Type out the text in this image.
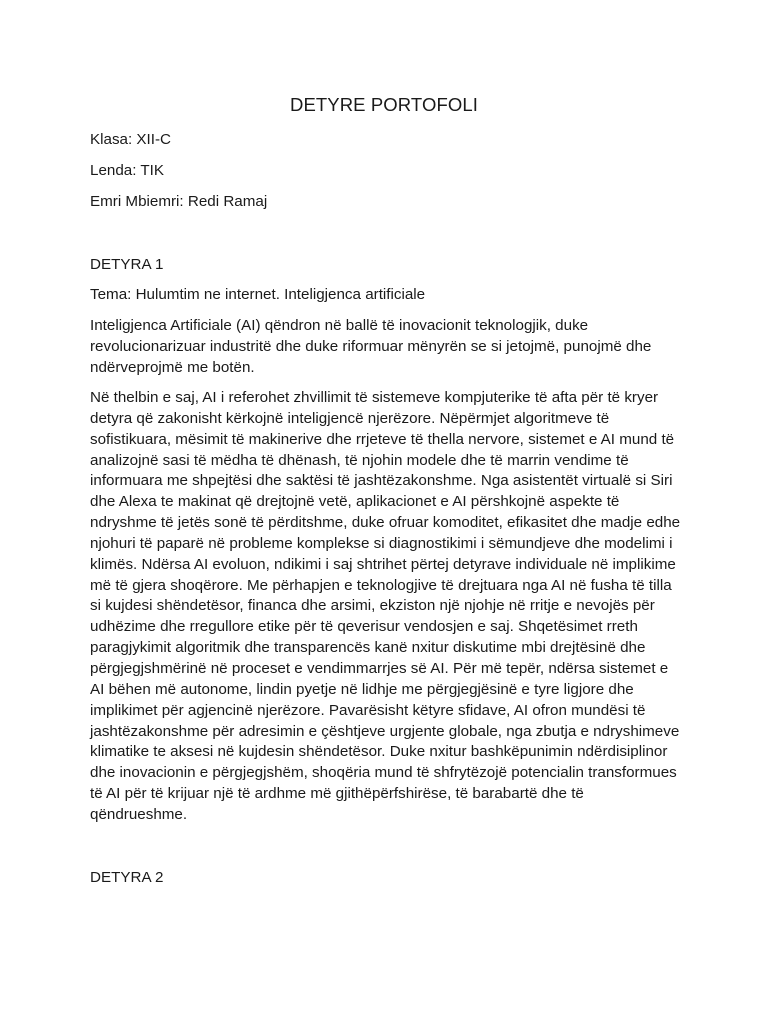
DETYRE PORTOFOLI
Klasa: XII-C
Lenda: TIK
Emri Mbiemri: Redi Ramaj
DETYRA 1
Tema: Hulumtim ne internet. Inteligjenca artificiale
Inteligjenca Artificiale (AI) qëndron në ballë të inovacionit teknologjik, duke
revolucionarizuar industritë dhe duke riformuar mënyrën se si jetojmë, punojmë dhe
ndërveprojmë me botën.
Në thelbin e saj, AI i referohet zhvillimit të sistemeve kompjuterike të afta për të kryer
detyra që zakonisht kërkojnë inteligjencë njerëzore. Nëpërmjet algoritmeve të
sofistikuara, mësimit të makinerive dhe rrjeteve të thella nervore, sistemet e AI mund të
analizojnë sasi të mëdha të dhënash, të njohin modele dhe të marrin vendime të
informuara me shpejtësi dhe saktësi të jashtëzakonshme. Nga asistentët virtualë si Siri
dhe Alexa te makinat që drejtojnë vetë, aplikacionet e AI përshkojnë aspekte të
ndryshme të jetës sonë të përditshme, duke ofruar komoditet, efikasitet dhe madje edhe
njohuri të paparë në probleme komplekse si diagnostikimi i sëmundjeve dhe modelimi i
klimës. Ndërsa AI evoluon, ndikimi i saj shtrihet përtej detyrave individuale në implikime
më të gjera shoqërore. Me përhapjen e teknologjive të drejtuara nga AI në fusha të tilla
si kujdesi shëndetësor, financa dhe arsimi, ekziston një njohje në rritje e nevojës për
udhëzime dhe rregullore etike për të qeverisur vendosjen e saj. Shqetësimet rreth
paragjykimit algoritmik dhe transparencës kanë nxitur diskutime mbi drejtësinë dhe
përgjegjshmërinë në proceset e vendimmarrjes së AI. Për më tepër, ndërsa sistemet e
AI bëhen më autonome, lindin pyetje në lidhje me përgjegjësinë e tyre ligjore dhe
implikimet për agjencinë njerëzore. Pavarësisht këtyre sfidave, AI ofron mundësi të
jashtëzakonshme për adresimin e çështjeve urgjente globale, nga zbutja e ndryshimeve
klimatike te aksesi në kujdesin shëndetësor. Duke nxitur bashkëpunimin ndërdisiplinor
dhe inovacionin e përgjegjshëm, shoqëria mund të shfrytëzojë potencialin transformues
të AI për të krijuar një të ardhme më gjithëpërfshirëse, të barabartë dhe të
qëndrueshme.
DETYRA 2
